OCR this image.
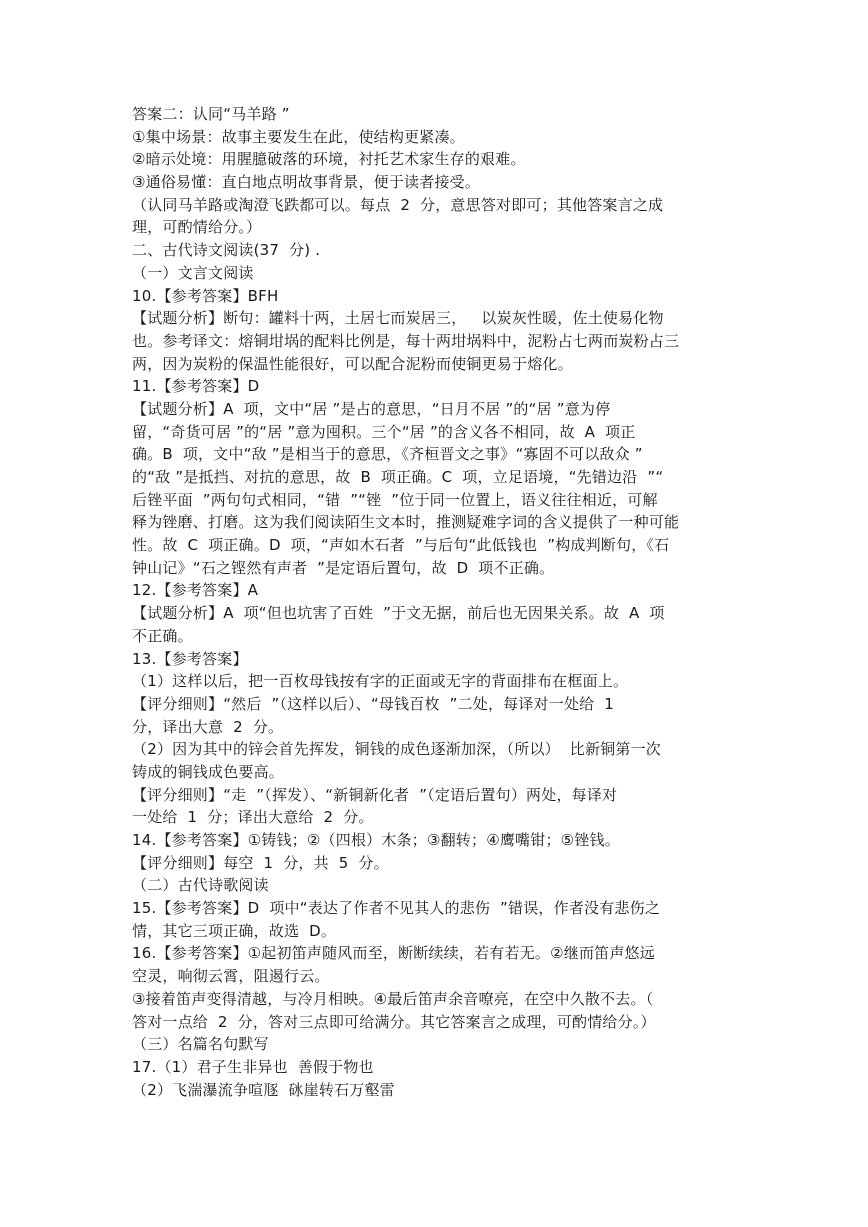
答案二：认同“马羊路 ”
①集中场景：故事主要发生在此，使结构更紧凑。
②暗示处境：用腥臆破落的环境，衬托艺术家生存的艰难。
③通俗易懂：直白地点明故事背景，便于读者接受。
（认同马羊路或淘澄飞跌都可以。每点  2  分，意思答对即可；其他答案言之成
理，可酌情给分。）
二、古代诗文阅读(37  分) .
（一）文言文阅读
10.【参考答案】BFH
【试题分析】断句：罐料十两，土居七而炭居三，   以炭灰性暖，佐土使易化物
也。参考译文：熔铜坩埚的配料比例是，每十两坩埚料中，泥粉占七两而炭粉占三
两，因为炭粉的保温性能很好，可以配合泥粉而使铜更易于熔化。
11.【参考答案】D
【试题分析】A  项，文中“居 ”是占的意思，“日月不居 ”的“居 ”意为停
留，“奇货可居 ”的“居 ”意为囤积。三个“居 ”的含义各不相同，故  A  项正
确。B  项，文中“敌 ”是相当于的意思，《齐桓晋文之事》“寡固不可以敌众 ”
的“敌 ”是抵挡、对抗的意思，故  B  项正确。C  项，立足语境，“先错边沿  ”“
后锉平面  ”两句句式相同，“错  ”“锉  ”位于同一位置上，语义往往相近，可解
释为锉磨、打磨。这为我们阅读陌生文本时，推测疑难字词的含义提供了一种可能
性。故  C  项正确。D  项，“声如木石者  ”与后句“此低钱也  ”构成判断句，《石
钟山记》“石之铿然有声者  ”是定语后置句，故  D  项不正确。
12.【参考答案】A
【试题分析】A  项“但也坑害了百姓  ”于文无据，前后也无因果关系。故  A  项
不正确。
13.【参考答案】
（1）这样以后，把一百枚母钱按有字的正面或无字的背面排布在框面上。
【评分细则】“然后  ”（这样以后）、“母钱百枚  ”二处，每译对一处给  1
分，译出大意  2  分。
（2）因为其中的锌会首先挥发，铜钱的成色逐渐加深，（所以）  比新铜第一次
铸成的铜钱成色要高。
【评分细则】“走  ”（挥发）、“新铜新化者  ”（定语后置句）两处，每译对
一处给  1  分；译出大意给  2  分。
14.【参考答案】①铸钱；②（四根）木条；③翻转；④鹰嘴钳；⑤锉钱。
【评分细则】每空  1  分，共  5  分。
（二）古代诗歌阅读
15.【参考答案】D  项中“表达了作者不见其人的悲伤  ”错误，作者没有悲伤之
情，其它三项正确，故选  D。
16.【参考答案】①起初笛声随风而至，断断续续，若有若无。②继而笛声悠远
空灵，响彻云霄，阻遏行云。
③接着笛声变得清越，与冷月相映。④最后笛声余音嘹亮，在空中久散不去。（
答对一点给  2  分，答对三点即可给满分。其它答案言之成理，可酌情给分。）
（三）名篇名句默写
17.（1）君子生非异也  善假于物也
（2）飞湍瀑流争喧豗  砯崖转石万壑雷
